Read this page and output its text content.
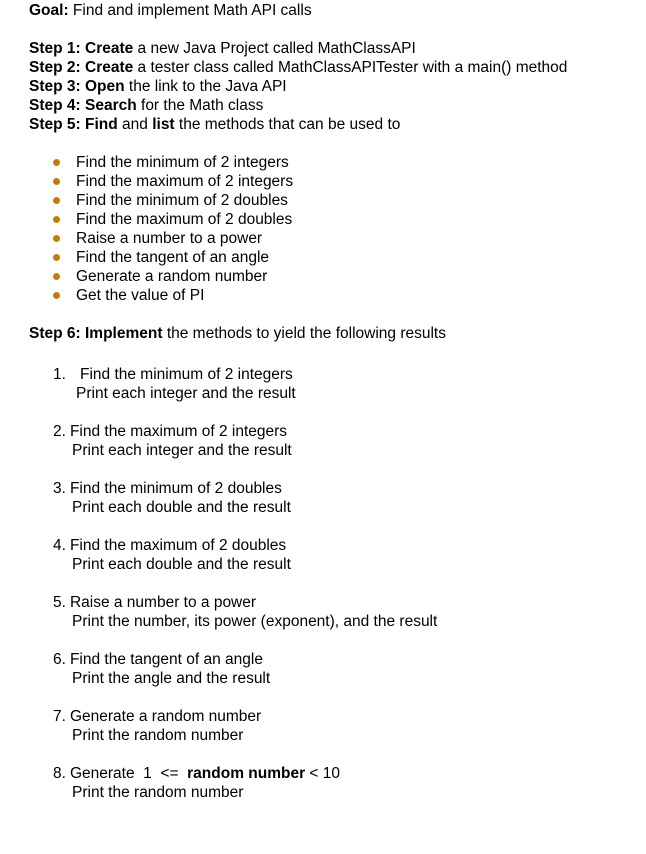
Goal: Find and implement Math API calls
Step 1: Create a new Java Project called MathClassAPI
Step 2: Create a tester class called MathClassAPITester with a main() method
Step 3: Open the link to the Java API
Step 4: Search for the Math class
Step 5: Find and list the methods that can be used to
Find the minimum of 2 integers
Find the maximum of 2 integers
Find the minimum of 2 doubles
Find the maximum of 2 doubles
Raise a number to a power
Find the tangent of an angle
Generate a random number
Get the value of PI
Step 6: Implement the methods to yield the following results
1. Find the minimum of 2 integers
Print each integer and the result
2. Find the maximum of 2 integers
Print each integer and the result
3. Find the minimum of 2 doubles
Print each double and the result
4. Find the maximum of 2 doubles
Print each double and the result
5. Raise a number to a power
Print the number, its power (exponent), and the result
6. Find the tangent of an angle
Print the angle and the result
7. Generate a random number
Print the random number
8. Generate  1  <=  random number < 10
Print the random number
